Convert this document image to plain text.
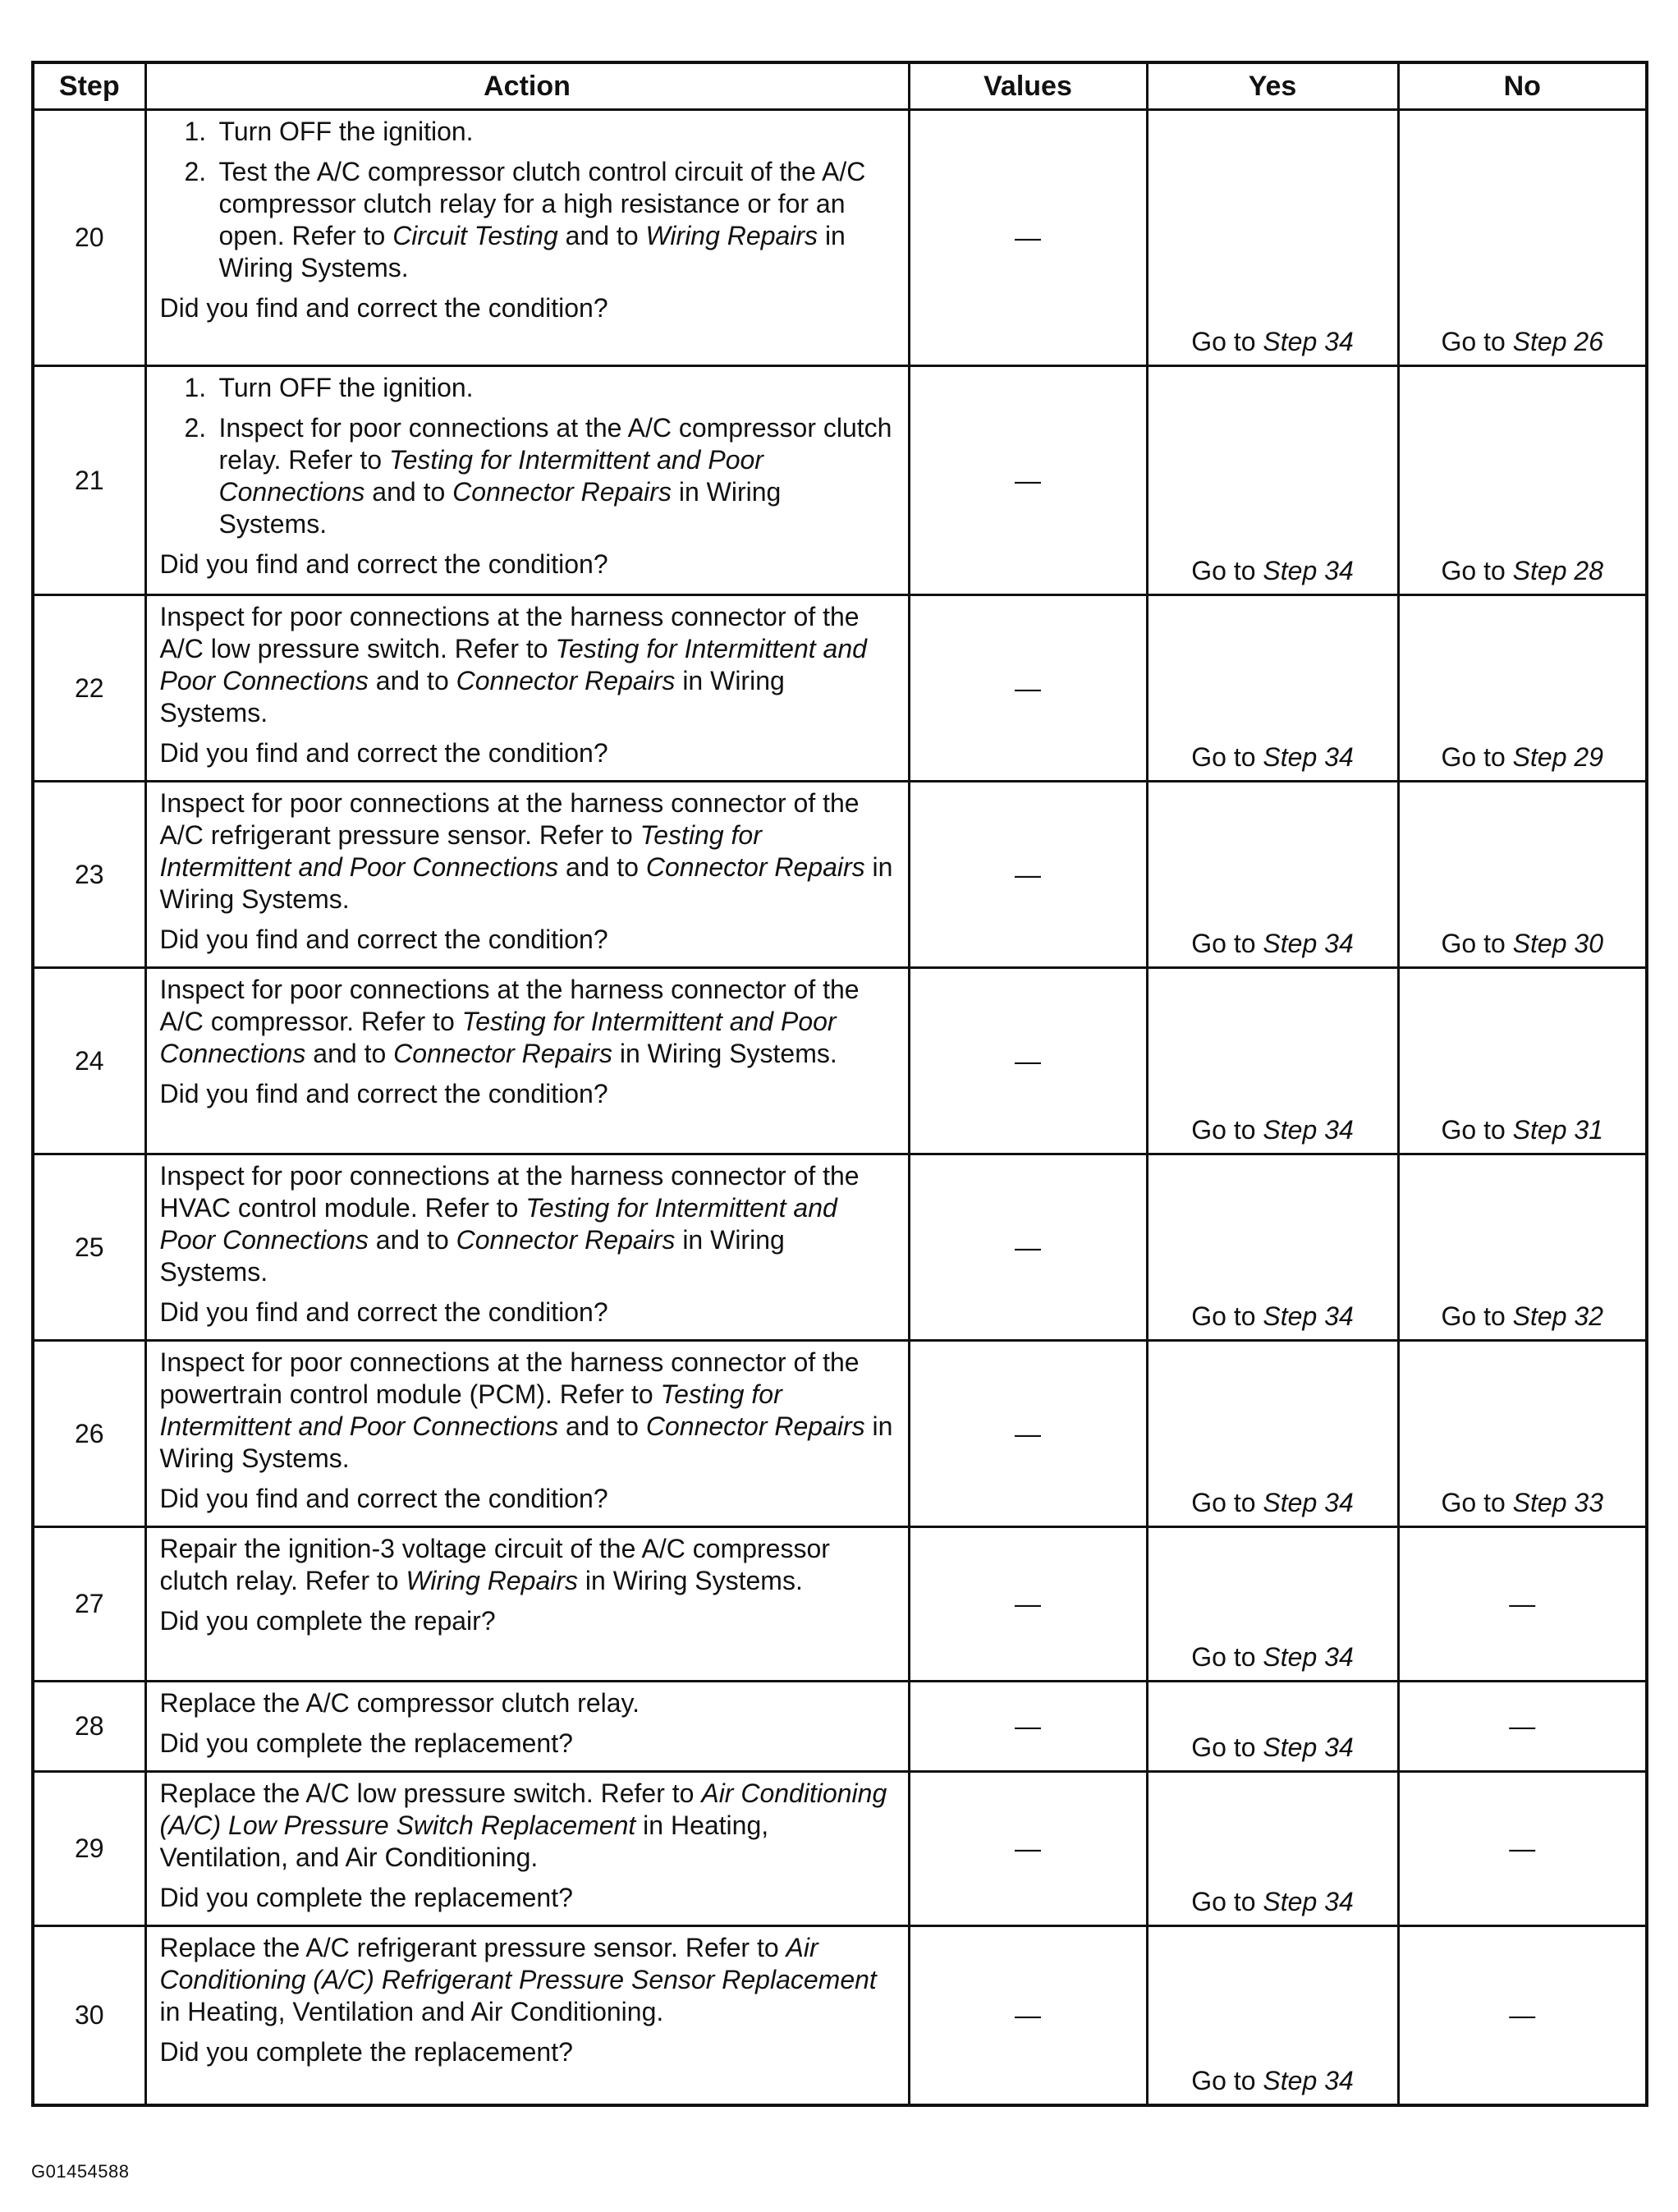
Step	Action	Values	Yes	No
20	1. Turn OFF the ignition.
2. Test the A/C compressor clutch control circuit of the A/C compressor clutch relay for a high resistance or for an open. Refer to Circuit Testing and to Wiring Repairs in Wiring Systems.
Did you find and correct the condition?	—	Go to Step 34	Go to Step 26
21	1. Turn OFF the ignition.
2. Inspect for poor connections at the A/C compressor clutch relay. Refer to Testing for Intermittent and Poor Connections and to Connector Repairs in Wiring Systems.
Did you find and correct the condition?	—	Go to Step 34	Go to Step 28
22	Inspect for poor connections at the harness connector of the A/C low pressure switch. Refer to Testing for Intermittent and Poor Connections and to Connector Repairs in Wiring Systems.
Did you find and correct the condition?	—	Go to Step 34	Go to Step 29
23	Inspect for poor connections at the harness connector of the A/C refrigerant pressure sensor. Refer to Testing for Intermittent and Poor Connections and to Connector Repairs in Wiring Systems.
Did you find and correct the condition?	—	Go to Step 34	Go to Step 30
24	Inspect for poor connections at the harness connector of the A/C compressor. Refer to Testing for Intermittent and Poor Connections and to Connector Repairs in Wiring Systems.
Did you find and correct the condition?	—	Go to Step 34	Go to Step 31
25	Inspect for poor connections at the harness connector of the HVAC control module. Refer to Testing for Intermittent and Poor Connections and to Connector Repairs in Wiring Systems.
Did you find and correct the condition?	—	Go to Step 34	Go to Step 32
26	Inspect for poor connections at the harness connector of the powertrain control module (PCM). Refer to Testing for Intermittent and Poor Connections and to Connector Repairs in Wiring Systems.
Did you find and correct the condition?	—	Go to Step 34	Go to Step 33
27	Repair the ignition-3 voltage circuit of the A/C compressor clutch relay. Refer to Wiring Repairs in Wiring Systems.
Did you complete the repair?	—	Go to Step 34	—
28	Replace the A/C compressor clutch relay.
Did you complete the replacement?	—	Go to Step 34	—
29	Replace the A/C low pressure switch. Refer to Air Conditioning (A/C) Low Pressure Switch Replacement in Heating, Ventilation, and Air Conditioning.
Did you complete the replacement?	—	Go to Step 34	—
30	Replace the A/C refrigerant pressure sensor. Refer to Air Conditioning (A/C) Refrigerant Pressure Sensor Replacement in Heating, Ventilation and Air Conditioning.
Did you complete the replacement?	—	Go to Step 34	—
G01454588
